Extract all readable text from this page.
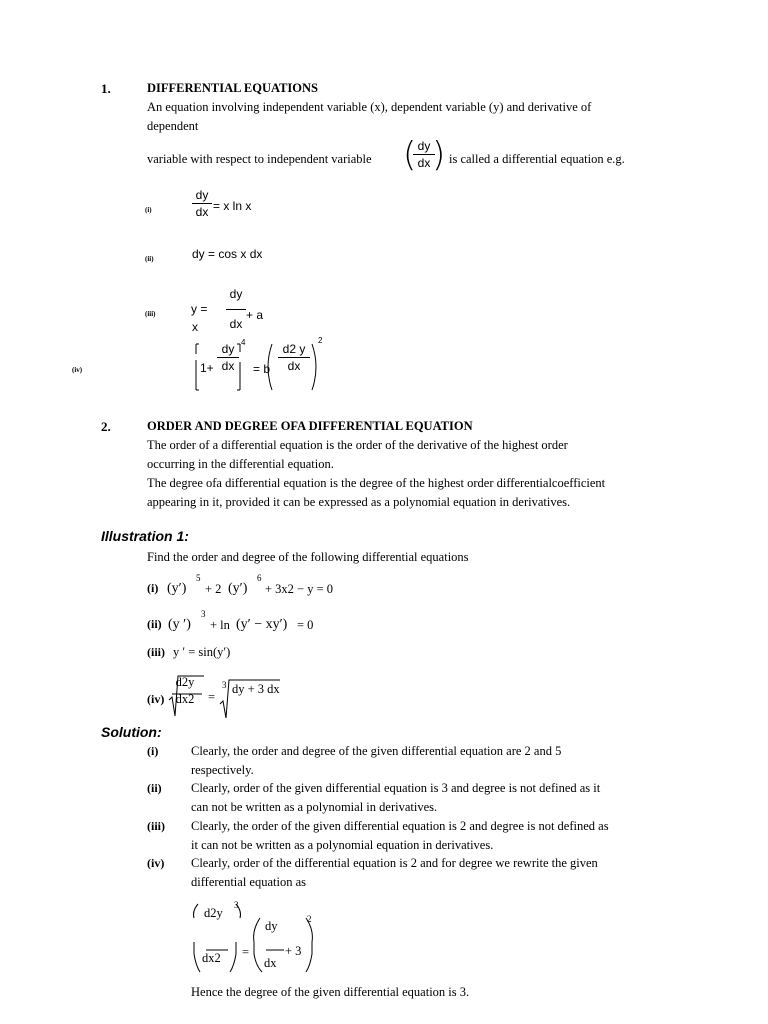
1.	DIFFERENTIAL EQUATIONS
An equation involving independent variable (x), dependent variable (y) and derivative of
dependent
variable with respect to independent variable ( dy
dx ) is called a differential equation e.g.
(i)
dy
dx = x ln x
(ii)	dy = cos x dx
(iii)	y =
x
dy
dx
+ a
(iv)	1+
dy
dx
4
= b
d2 y
dx
2
2.	ORDER AND DEGREE OFA DIFFERENTIAL EQUATION
The order of a differential equation is the order of the derivative of the highest order
occurring in the differential equation.
The degree ofa differential equation is the degree of the highest order differentialcoefficient
appearing in it, provided it can be expressed as a polynomial equation in derivatives.
Illustration 1:
Find the order and degree of the following differential equations
(i) (y′)
5
+ 2 (y′)
6
+ 3x2 − y = 0
(ii) (y ′)
3
+ ln (y′ − xy′) = 0
(iii) y ′ = sin(y′)
(iv)
d2y
dx2 =
3 dy + 3 dx
Solution:
(i)	Clearly, the order and degree of the given differential equation are 2 and 5
respectively.
(ii) Clearly, order of the given differential equation is 3 and degree is not defined as it
can not be written as a polynomial in derivatives.
(iii) Clearly, the order of the given differential equation is 2 and degree is not defined as
it can not be written as a polynomial equation in derivatives.
(iv) Clearly, order of the differential equation is 2 and for degree we rewrite the given
differential equation as
d2y
3
dx2 =
dy	2
dx
+ 3
Hence the degree of the given differential equation is 3.
